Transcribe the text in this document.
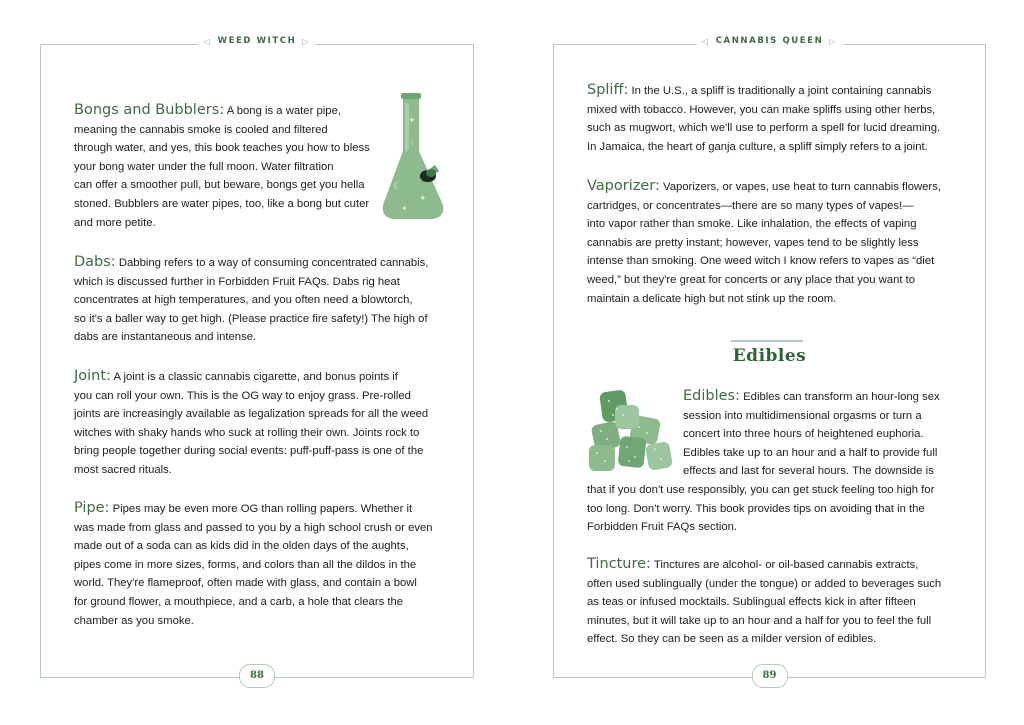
◁ WEED WITCH ▷
✦
☾
☾
✦
✦
Bongs and Bubblers: A bong is a water pipe,
meaning the cannabis smoke is cooled and filtered
through water, and yes, this book teaches you how to bless
your bong water under the full moon. Water filtration
can offer a smoother pull, but beware, bongs get you hella
stoned. Bubblers are water pipes, too, like a bong but cuter
and more petite.
Dabs: Dabbing refers to a way of consuming concentrated cannabis,
which is discussed further in Forbidden Fruit FAQs. Dabs rig heat
concentrates at high temperatures, and you often need a blowtorch,
so it's a baller way to get high. (Please practice fire safety!) The high of
dabs are instantaneous and intense.
Joint: A joint is a classic cannabis cigarette, and bonus points if
you can roll your own. This is the OG way to enjoy grass. Pre-rolled
joints are increasingly available as legalization spreads for all the weed
witches with shaky hands who suck at rolling their own. Joints rock to
bring people together during social events: puff-puff-pass is one of the
most sacred rituals.
Pipe: Pipes may be even more OG than rolling papers. Whether it
was made from glass and passed to you by a high school crush or even
made out of a soda can as kids did in the olden days of the aughts,
pipes come in more sizes, forms, and colors than all the dildos in the
world. They're flameproof, often made with glass, and contain a bowl
for ground flower, a mouthpiece, and a carb, a hole that clears the
chamber as you smoke.
88
◁ CANNABIS QUEEN ▷
Spliff: In the U.S., a spliff is traditionally a joint containing cannabis
mixed with tobacco. However, you can make spliffs using other herbs,
such as mugwort, which we'll use to perform a spell for lucid dreaming.
In Jamaica, the heart of ganja culture, a spliff simply refers to a joint.
Vaporizer: Vaporizers, or vapes, use heat to turn cannabis flowers,
cartridges, or concentrates—there are so many types of vapes!—
into vapor rather than smoke. Like inhalation, the effects of vaping
cannabis are pretty instant; however, vapes tend to be slightly less
intense than smoking. One weed witch I know refers to vapes as “diet
weed,” but they're great for concerts or any place that you want to
maintain a delicate high but not stink up the room.
Edibles
Edibles: Edibles can transform an hour-long sex
session into multidimensional orgasms or turn a
concert into three hours of heightened euphoria.
Edibles take up to an hour and a half to provide full
effects and last for several hours. The downside is
that if you don't use responsibly, you can get stuck feeling too high for
too long. Don't worry. This book provides tips on avoiding that in the
Forbidden Fruit FAQs section.
Tincture: Tinctures are alcohol- or oil-based cannabis extracts,
often used sublingually (under the tongue) or added to beverages such
as teas or infused mocktails. Sublingual effects kick in after fifteen
minutes, but it will take up to an hour and a half for you to feel the full
effect. So they can be seen as a milder version of edibles.
89
